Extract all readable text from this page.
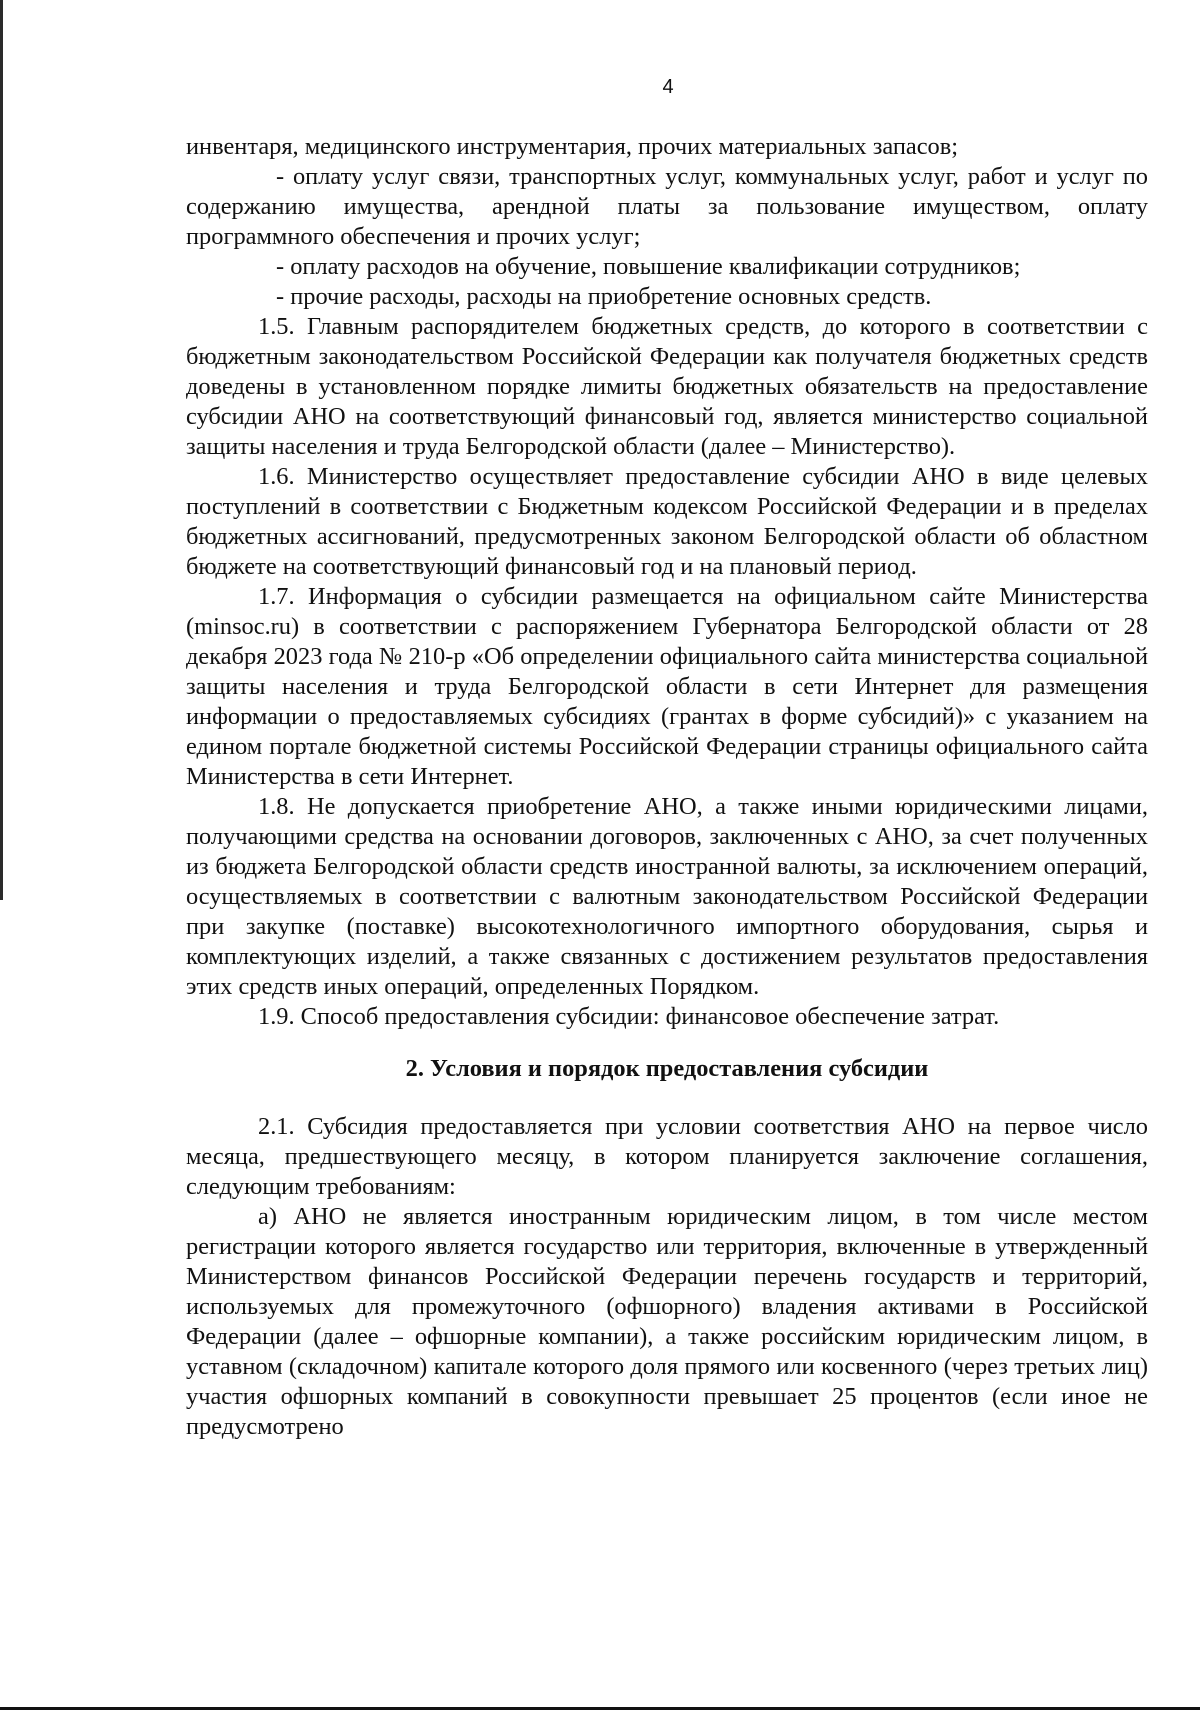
4

инвентаря, медицинского инструментария, прочих материальных запасов;

- оплату услуг связи, транспортных услуг, коммунальных услуг, работ и услуг по содержанию имущества, арендной платы за пользование имуществом, оплату программного обеспечения и прочих услуг;

- оплату расходов на обучение, повышение квалификации сотрудников;

- прочие расходы, расходы на приобретение основных средств.

1.5. Главным распорядителем бюджетных средств, до которого в соответствии с бюджетным законодательством Российской Федерации как получателя бюджетных средств доведены в установленном порядке лимиты бюджетных обязательств на предоставление субсидии АНО на соответствующий финансовый год, является министерство социальной защиты населения и труда Белгородской области (далее – Министерство).

1.6. Министерство осуществляет предоставление субсидии АНО в виде целевых поступлений в соответствии с Бюджетным кодексом Российской Федерации и в пределах бюджетных ассигнований, предусмотренных законом Белгородской области об областном бюджете на соответствующий финансовый год и на плановый период.

1.7. Информация о субсидии размещается на официальном сайте Министерства (minsoc.ru) в соответствии с распоряжением Губернатора Белгородской области от 28 декабря 2023 года № 210-р «Об определении официального сайта министерства социальной защиты населения и труда Белгородской области в сети Интернет для размещения информации о предоставляемых субсидиях (грантах в форме субсидий)» с указанием на едином портале бюджетной системы Российской Федерации страницы официального сайта Министерства в сети Интернет.

1.8. Не допускается приобретение АНО, а также иными юридическими лицами, получающими средства на основании договоров, заключенных с АНО, за счет полученных из бюджета Белгородской области средств иностранной валюты, за исключением операций, осуществляемых в соответствии с валютным законодательством Российской Федерации при закупке (поставке) высокотехнологичного импортного оборудования, сырья и комплектующих изделий, а также связанных с достижением результатов предоставления этих средств иных операций, определенных Порядком.

1.9. Способ предоставления субсидии: финансовое обеспечение затрат.

2. Условия и порядок предоставления субсидии

2.1. Субсидия предоставляется при условии соответствия АНО на первое число месяца, предшествующего месяцу, в котором планируется заключение соглашения, следующим требованиям:

а) АНО не является иностранным юридическим лицом, в том числе местом регистрации которого является государство или территория, включенные в утвержденный Министерством финансов Российской Федерации перечень государств и территорий, используемых для промежуточного (офшорного) владения активами в Российской Федерации (далее – офшорные компании), а также российским юридическим лицом, в уставном (складочном) капитале которого доля прямого или косвенного (через третьих лиц) участия офшорных компаний в совокупности превышает 25 процентов (если иное не предусмотрено
